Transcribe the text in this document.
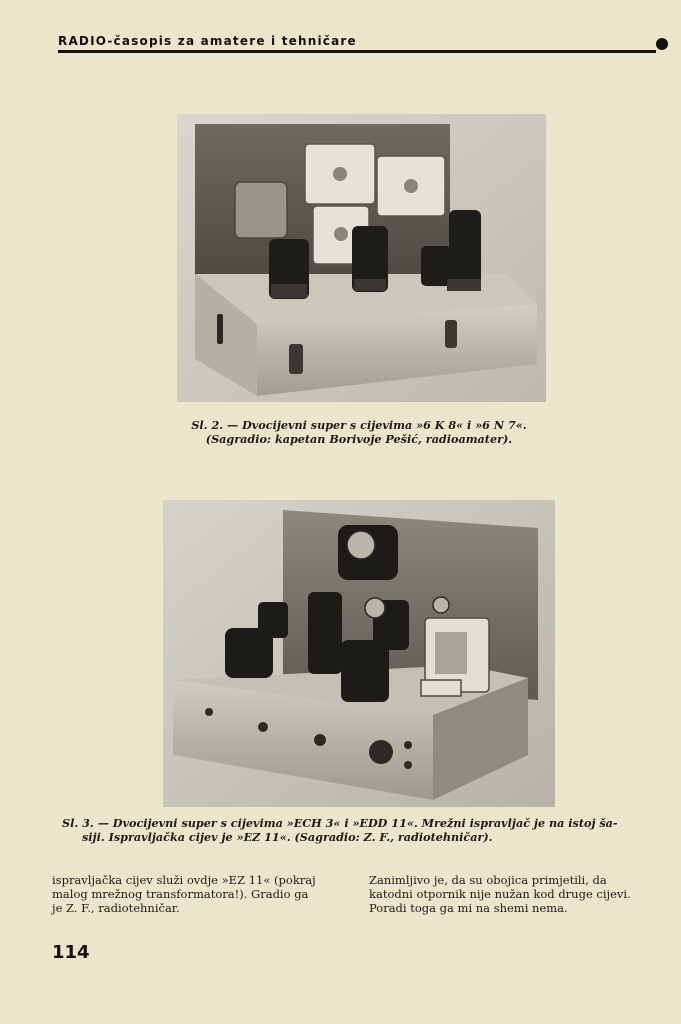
RADIO-časopis za amatere i tehničare
Sl. 2. — Dvocijevni super s cijevima »6 K 8« i »6 N 7«.
(Sagradio: kapetan Borivoje Pešić, radioamater).
Sl. 3. — Dvocijevni super s cijevima »ECH 3« i »EDD 11«. Mrežni ispravljač je na istoj ša-
siji. Ispravljačka cijev je »EZ 11«. (Sagradio: Z. F., radiotehničar).
ispravljačka cijev služi ovdje »EZ 11« (pokraj
malog mrežnog transformatora!). Gradio ga
je Z. F., radiotehničar.
Zanimljivo je, da su obojica primjetili, da
katodni otpornik nije nužan kod druge cijevi.
Poradi toga ga mi na shemi nema.
114
